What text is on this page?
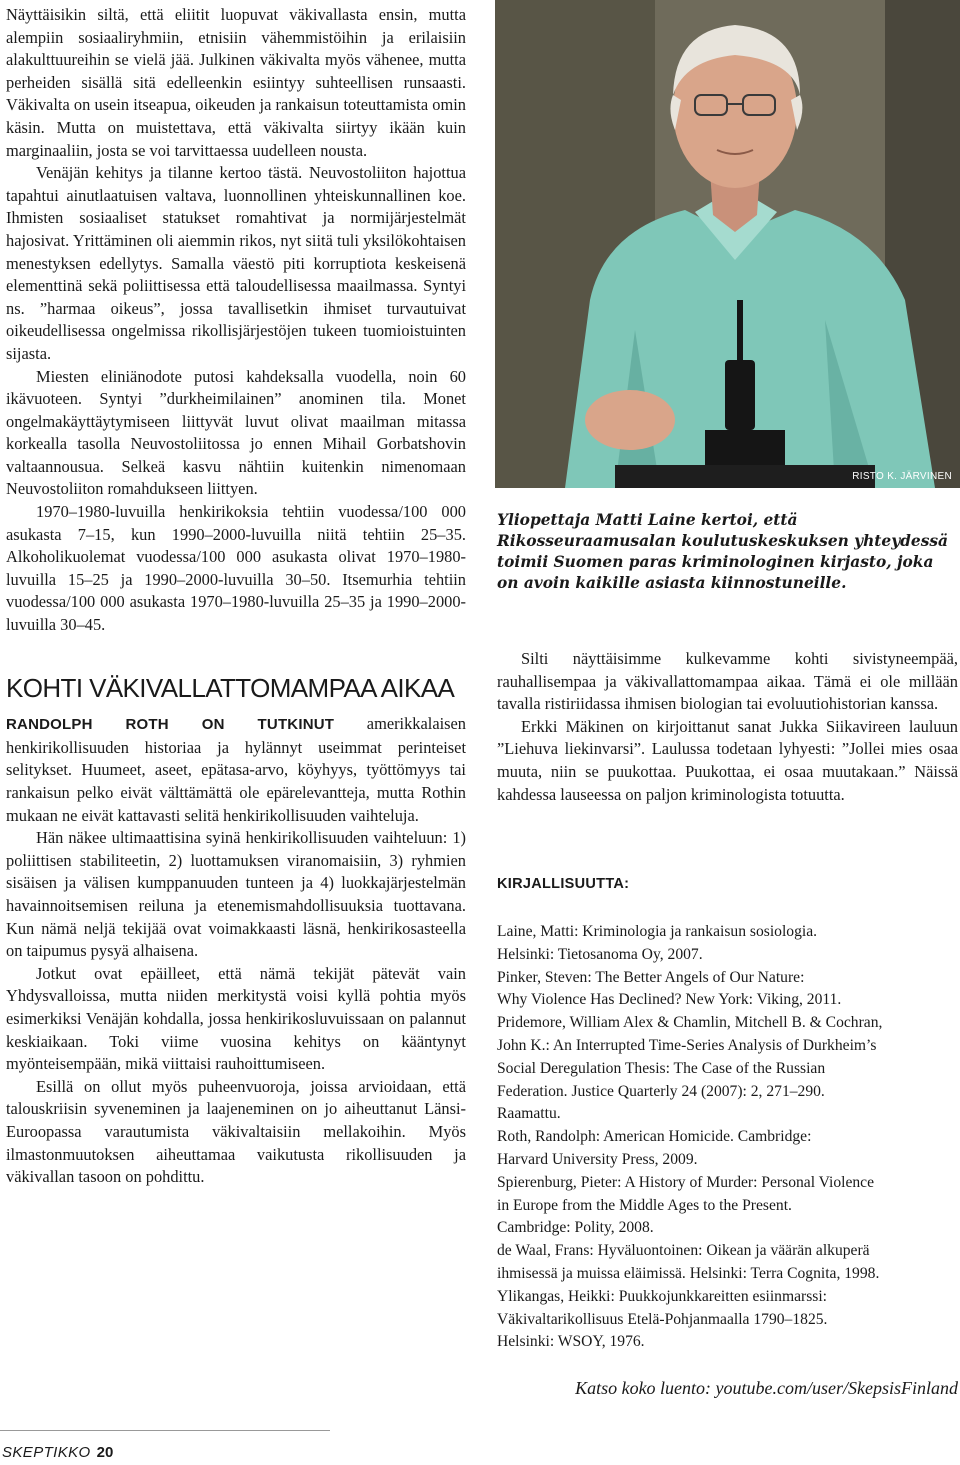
Näyttäisikin siltä, että eliitit luopuvat väkivallasta ensin, mutta alempiin sosiaaliryhmiin, etnisiin vähemmistöihin ja erilaisiin alakulttuureihin se vielä jää. Julkinen väkivalta myös vähenee, mutta perheiden sisällä sitä edelleenkin esiintyy suhteellisen runsaasti. Väkivalta on usein itseapua, oikeuden ja rankaisun toteuttamista omin käsin. Mutta on muistettava, että väkivalta siirtyy ikään kuin marginaaliin, josta se voi tarvittaessa uudelleen nousta.

Venäjän kehitys ja tilanne kertoo tästä. Neuvostoliiton hajottua tapahtui ainutlaatuisen valtava, luonnollinen yhteiskunnallinen koe. Ihmisten sosiaaliset statukset romahtivat ja normijärjestelmät hajosivat. Yrittäminen oli aiemmin rikos, nyt siitä tuli yksilökohtaisen menestyksen edellytys. Samalla väestö piti korruptiota keskeisenä elementtinä sekä poliittisessa että taloudellisessa maailmassa. Syntyi ns. ”harmaa oikeus”, jossa tavallisetkin ihmiset turvautuivat oikeudellisessa ongelmissa rikollisjärjestöjen tukeen tuomioistuinten sijasta.

Miesten eliniänodote putosi kahdeksalla vuodella, noin 60 ikävuoteen. Syntyi ”durkheimilainen” anominen tila. Monet ongelmakäyttäytymiseen liittyvät luvut olivat maailman mitassa korkealla tasolla Neuvostoliitossa jo ennen Mihail Gorbatshovin valtaannousua. Selkeä kasvu nähtiin kuitenkin nimenomaan Neuvostoliiton romahdukseen liittyen.

1970–1980-luvuilla henkirikoksia tehtiin vuodessa/100 000 asukasta 7–15, kun 1990–2000-luvuilla niitä tehtiin 25–35. Alkoholikuolemat vuodessa/100 000 asukasta olivat 1970–1980-luvuilla 15–25 ja 1990–2000-luvuilla 30–50. Itsemurhia tehtiin vuodessa/100 000 asukasta 1970–1980-luvuilla 25–35 ja 1990–2000-luvuilla 30–45.

KOHTI VÄKIVALLATTOMAMPAA AIKAA

RANDOLPH ROTH ON TUTKINUT amerikkalaisen henkirikollisuuden historiaa ja hylännyt useimmat perinteiset selitykset. Huumeet, aseet, epätasa-arvo, köyhyys, työttömyys tai rankaisun pelko eivät välttämättä ole epärelevantteja, mutta Rothin mukaan ne eivät kattavasti selitä henkirikollisuuden vaihteluja.

Hän näkee ultimaattisina syinä henkirikollisuuden vaihteluun: 1) poliittisen stabiliteetin, 2) luottamuksen viranomaisiin, 3) ryhmien sisäisen ja välisen kumppanuuden tunteen ja 4) luokkajärjestelmän havainnoitsemisen reiluna ja etenemismahdollisuuksia tuottavana. Kun nämä neljä tekijää ovat voimakkaasti läsnä, henkirikosasteella on taipumus pysyä alhaisena.

Jotkut ovat epäilleet, että nämä tekijät pätevät vain Yhdysvalloissa, mutta niiden merkitystä voisi kyllä pohtia myös esimerkiksi Venäjän kohdalla, jossa henkirikosluvuissaan on palannut keskiaikaan. Toki viime vuosina kehitys on kääntynyt myönteisempään, mikä viittaisi rauhoittumiseen.

Esillä on ollut myös puheenvuoroja, joissa arvioidaan, että talouskriisin syveneminen ja laajeneminen on jo aiheuttanut Länsi-Euroopassa varautumista väkivaltaisiin mellakoihin. Myös ilmastonmuutoksen aiheuttamaa vaikutusta rikollisuuden ja väkivallan tasoon on pohdittu.

RISTO K. JÄRVINEN
Yliopettaja Matti Laine kertoi, että Rikosseuraamusalan koulutuskeskuksen yhteydessä toimii Suomen paras kriminologinen kirjasto, joka on avoin kaikille asiasta kiinnostuneille.

Silti näyttäisimme kulkevamme kohti sivistyneempää, rauhallisempaa ja väkivallattomampaa aikaa. Tämä ei ole millään tavalla ristiriidassa ihmisen biologian tai evoluutiohistorian kanssa.

Erkki Mäkinen on kirjoittanut sanat Jukka Siikavireen lauluun ”Liehuva liekinvarsi”. Laulussa todetaan lyhyesti: ”Jollei mies osaa muuta, niin se puukottaa. Puukottaa, ei osaa muutakaan.” Näissä kahdessa lauseessa on paljon kriminologista totuutta.

KIRJALLISUUTTA:
Laine, Matti: Kriminologia ja rankaisun sosiologia.
Helsinki: Tietosanoma Oy, 2007.
Pinker, Steven: The Better Angels of Our Nature:
Why Violence Has Declined? New York: Viking, 2011.
Pridemore, William Alex & Chamlin, Mitchell B. & Cochran,
John K.: An Interrupted Time-Series Analysis of Durkheim’s
Social Deregulation Thesis: The Case of the Russian
Federation. Justice Quarterly 24 (2007): 2, 271–290.
Raamattu.
Roth, Randolph: American Homicide. Cambridge:
Harvard University Press, 2009.
Spierenburg, Pieter: A History of Murder: Personal Violence
in Europe from the Middle Ages to the Present.
Cambridge: Polity, 2008.
de Waal, Frans: Hyväluontoinen: Oikean ja väärän alkuperä
ihmisessä ja muissa eläimissä. Helsinki: Terra Cognita, 1998.
Ylikangas, Heikki: Puukkojunkkareitten esiinmarssi:
Väkivaltarikollisuus Etelä-Pohjanmaalla 1790–1825.
Helsinki: WSOY, 1976.
Katso koko luento: youtube.com/user/SkepsisFinland
SKEPTIKKO 20
